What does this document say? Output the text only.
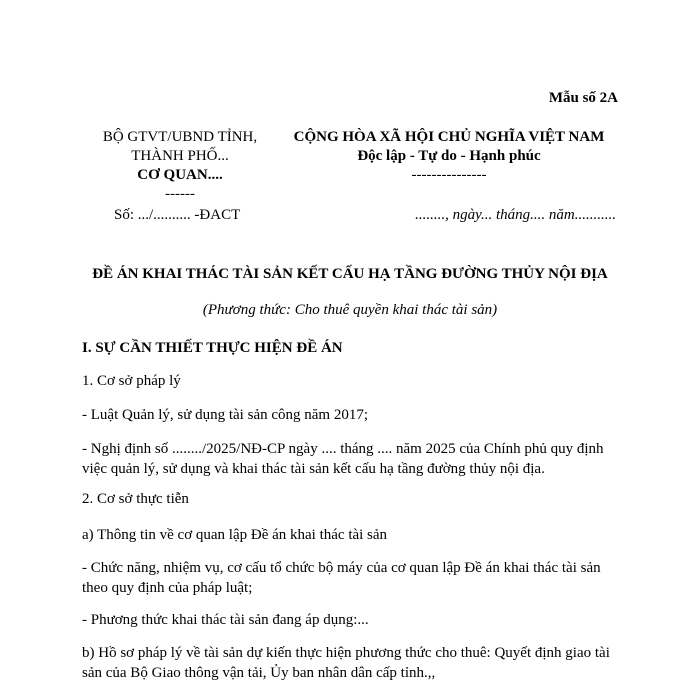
Mẫu số 2A
BỘ GTVT/UBND TỈNH,
THÀNH PHỐ...
CƠ QUAN....
------
CỘNG HÒA XÃ HỘI CHỦ NGHĨA VIỆT NAM
Độc lập - Tự do - Hạnh phúc
---------------
Số: .../.......... -ĐACT	........, ngày... tháng.... năm...........
ĐỀ ÁN KHAI THÁC TÀI SẢN KẾT CẤU HẠ TẦNG ĐƯỜNG THỦY NỘI ĐỊA
(Phương thức: Cho thuê quyền khai thác tài sản)
I. SỰ CẦN THIẾT THỰC HIỆN ĐỀ ÁN
1. Cơ sở pháp lý
- Luật Quản lý, sử dụng tài sản công năm 2017;
- Nghị định số ......../2025/NĐ-CP ngày .... tháng .... năm 2025 của Chính phủ quy định việc quản lý, sử dụng và khai thác tài sản kết cấu hạ tầng đường thủy nội địa.
2. Cơ sở thực tiễn
a) Thông tin về cơ quan lập Đề án khai thác tài sản
- Chức năng, nhiệm vụ, cơ cấu tổ chức bộ máy của cơ quan lập Đề án khai thác tài sản theo quy định của pháp luật;
- Phương thức khai thác tài sản đang áp dụng:...
b) Hồ sơ pháp lý về tài sản dự kiến thực hiện phương thức cho thuê: Quyết định giao tài sản của Bộ Giao thông vận tải, Ủy ban nhân dân cấp tỉnh.,,
